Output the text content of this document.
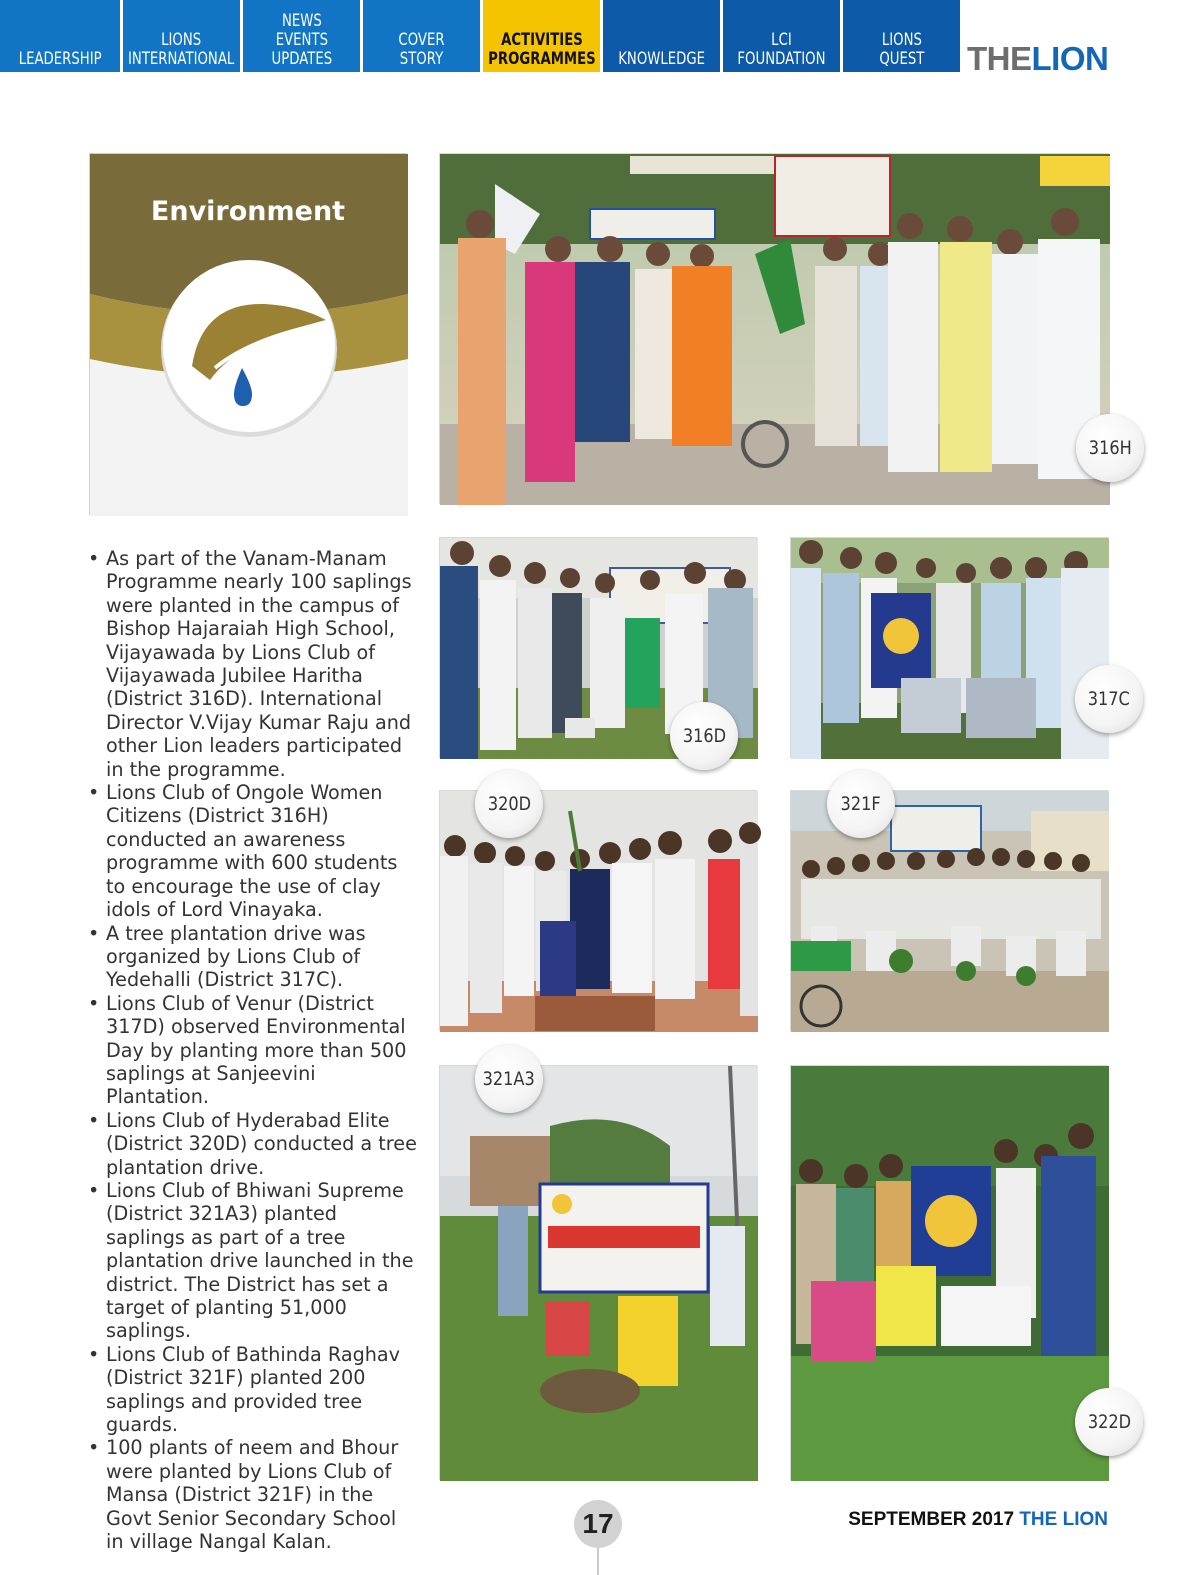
LEADERSHIP
LIONS
INTERNATIONAL
NEWS
EVENTS
UPDATES
COVER STORY
ACTIVITIES
PROGRAMMES KNOWLEDGE
LCI
FOUNDATION
LIONS
QUEST THELION
Environment
316H
316D
317C
320D	321F
321A3
322D
• As part of the Vanam-Manam Programme nearly 100 saplings were planted in the campus of Bishop Hajaraiah High School, Vijayawada by Lions Club of Vijayawada Jubilee Haritha (District 316D). International Director V.Vijay Kumar Raju and other Lion leaders participated in the programme.
• Lions Club of Ongole Women Citizens (District 316H) conducted an awareness programme with 600 students to encourage the use of clay idols of Lord Vinayaka.
• A tree plantation drive was organized by Lions Club of Yedehalli (District 317C).
• Lions Club of Venur (District 317D) observed Environmental Day by planting more than 500 saplings at Sanjeevini Plantation.
• Lions Club of Hyderabad Elite (District 320D) conducted a tree plantation drive.
• Lions Club of Bhiwani Supreme (District 321A3) planted saplings as part of a tree plantation drive launched in the district. The District has set a target of planting 51,000 saplings.
• Lions Club of Bathinda Raghav (District 321F) planted 200 saplings and provided tree guards.
• 100 plants of neem and Bhour were planted by Lions Club of Mansa (District 321F) in the Govt Senior Secondary School in village Nangal Kalan.
17	SEPTEMBER 2017 THE LION
